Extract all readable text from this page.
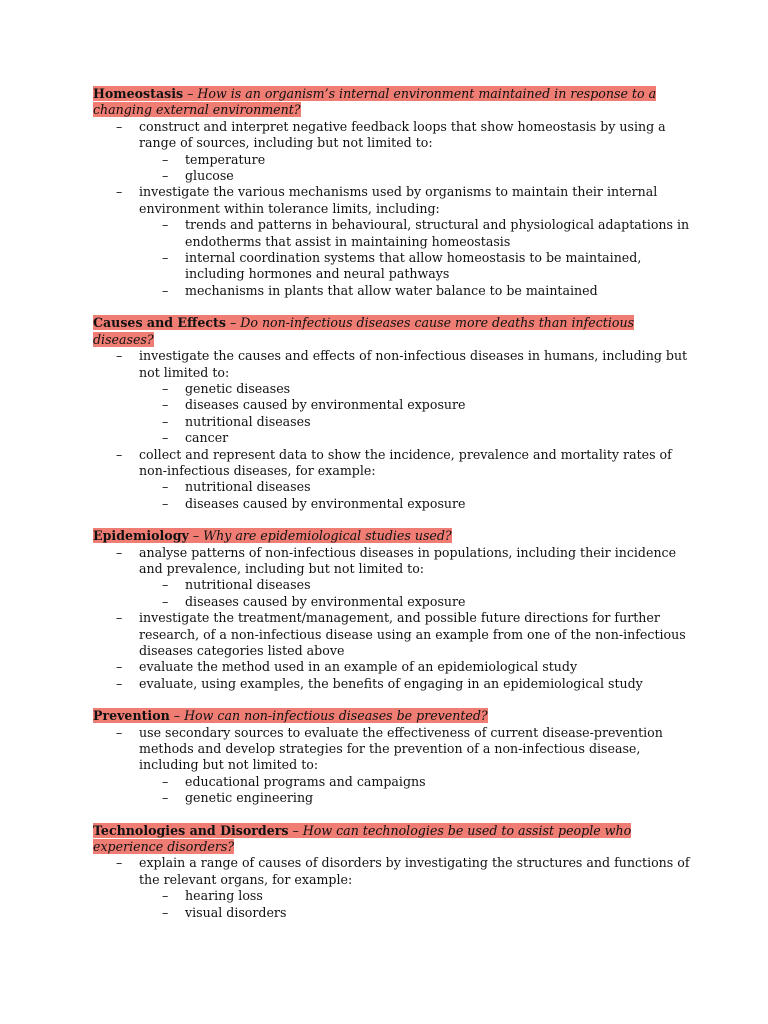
Homeostasis – How is an organism’s internal environment maintained in response to a changing external environment?
– construct and interpret negative feedback loops that show homeostasis by using a range of sources, including but not limited to:
– temperature
– glucose
– investigate the various mechanisms used by organisms to maintain their internal environment within tolerance limits, including:
– trends and patterns in behavioural, structural and physiological adaptations in endotherms that assist in maintaining homeostasis
– internal coordination systems that allow homeostasis to be maintained, including hormones and neural pathways
– mechanisms in plants that allow water balance to be maintained
Causes and Effects – Do non-infectious diseases cause more deaths than infectious diseases?
– investigate the causes and effects of non-infectious diseases in humans, including but not limited to:
– genetic diseases
– diseases caused by environmental exposure
– nutritional diseases
– cancer
– collect and represent data to show the incidence, prevalence and mortality rates of non-infectious diseases, for example:
– nutritional diseases
– diseases caused by environmental exposure
Epidemiology – Why are epidemiological studies used?
– analyse patterns of non-infectious diseases in populations, including their incidence and prevalence, including but not limited to:
– nutritional diseases
– diseases caused by environmental exposure
– investigate the treatment/management, and possible future directions for further research, of a non-infectious disease using an example from one of the non-infectious diseases categories listed above
– evaluate the method used in an example of an epidemiological study
– evaluate, using examples, the benefits of engaging in an epidemiological study
Prevention – How can non-infectious diseases be prevented?
– use secondary sources to evaluate the effectiveness of current disease-prevention methods and develop strategies for the prevention of a non-infectious disease, including but not limited to:
– educational programs and campaigns
– genetic engineering
Technologies and Disorders – How can technologies be used to assist people who experience disorders?
– explain a range of causes of disorders by investigating the structures and functions of the relevant organs, for example:
– hearing loss
– visual disorders
